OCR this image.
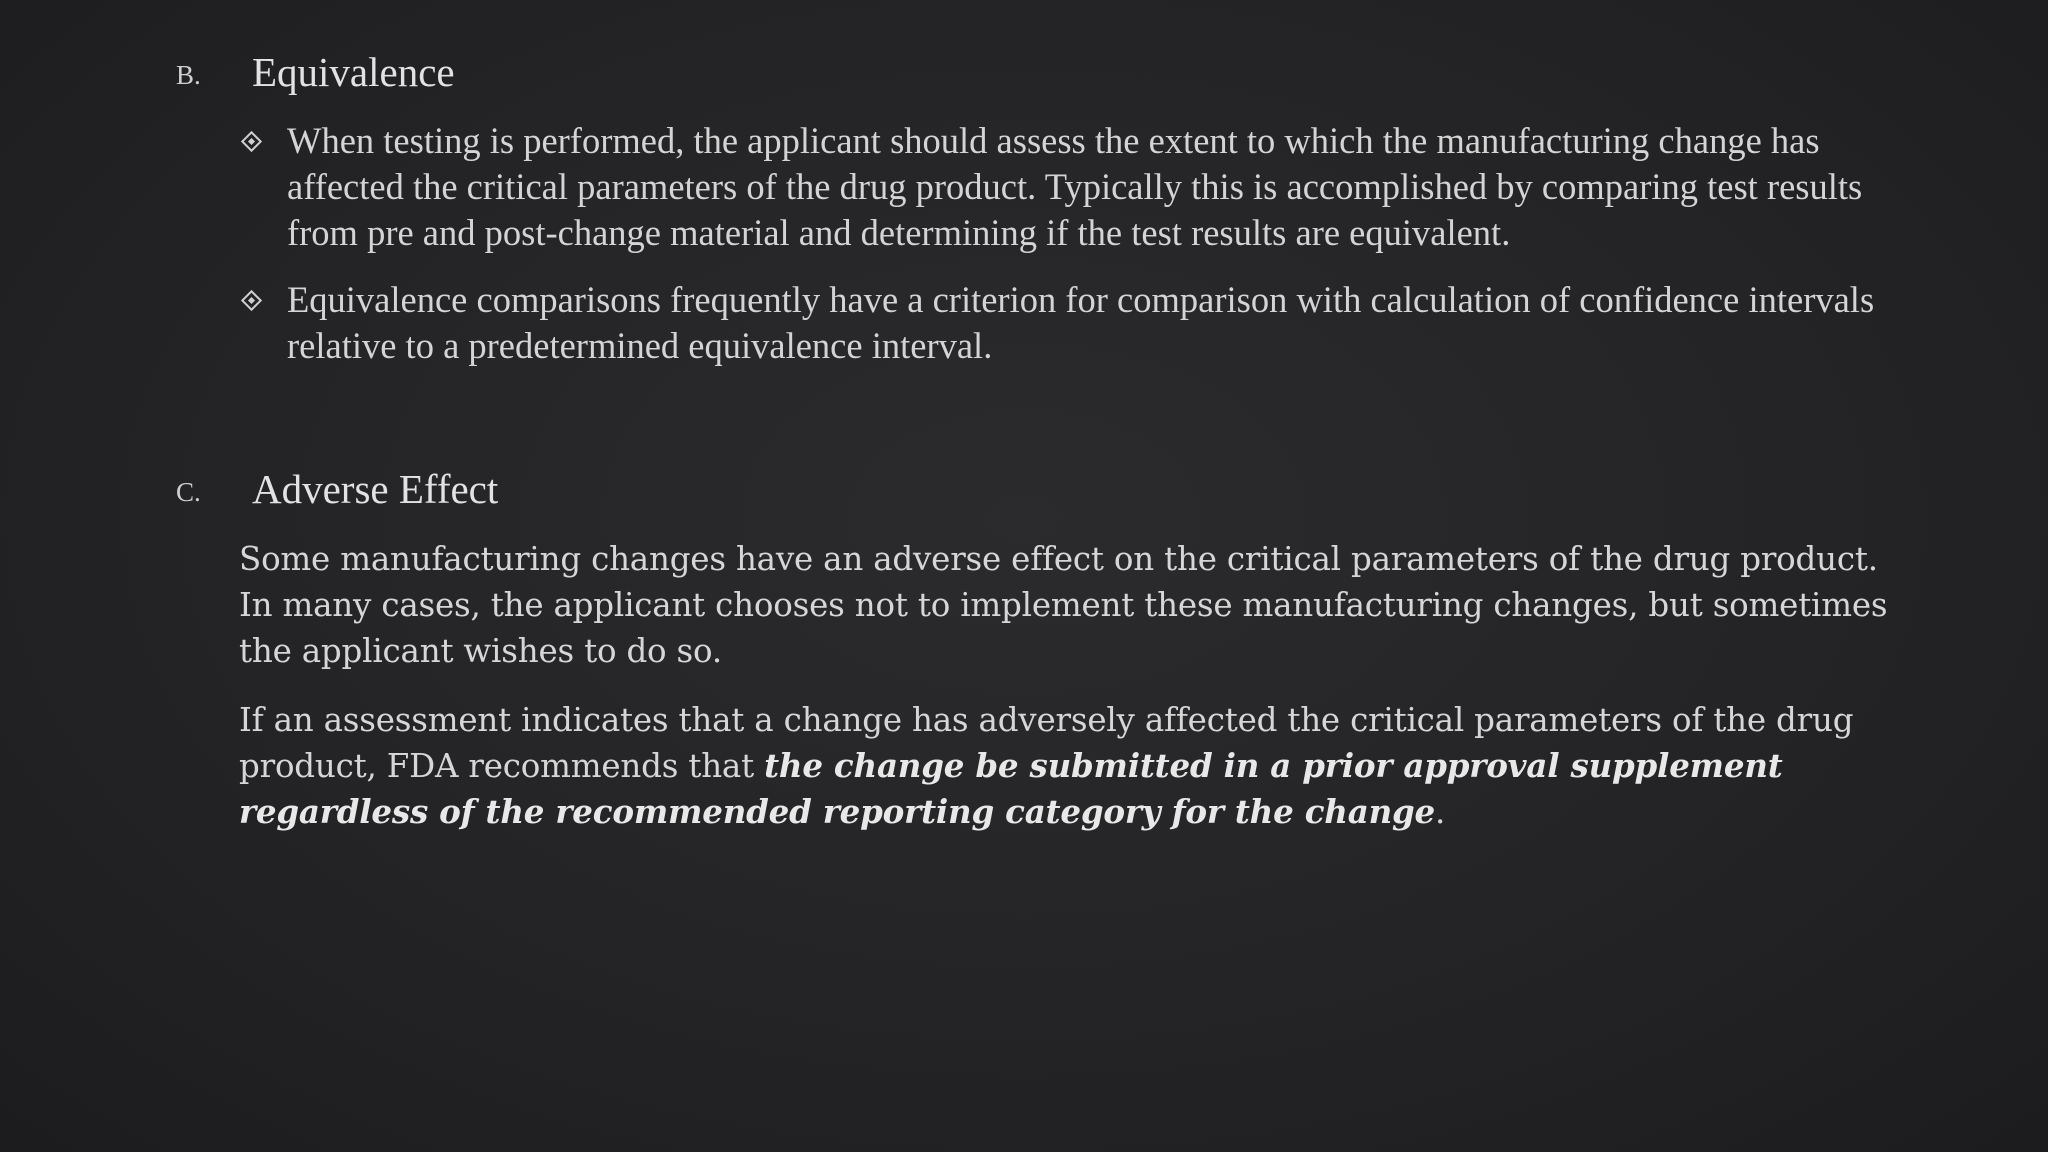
B. Equivalence
When testing is performed, the applicant should assess the extent to which the manufacturing change has affected the critical parameters of the drug product. Typically this is accomplished by comparing test results from pre and post-change material and determining if the test results are equivalent.
Equivalence comparisons frequently have a criterion for comparison with calculation of confidence intervals relative to a predetermined equivalence interval.
C. Adverse Effect

Some manufacturing changes have an adverse effect on the critical parameters of the drug product. In many cases, the applicant chooses not to implement these manufacturing changes, but sometimes the applicant wishes to do so.

If an assessment indicates that a change has adversely affected the critical parameters of the drug product, FDA recommends that the change be submitted in a prior approval supplement regardless of the recommended reporting category for the change.
